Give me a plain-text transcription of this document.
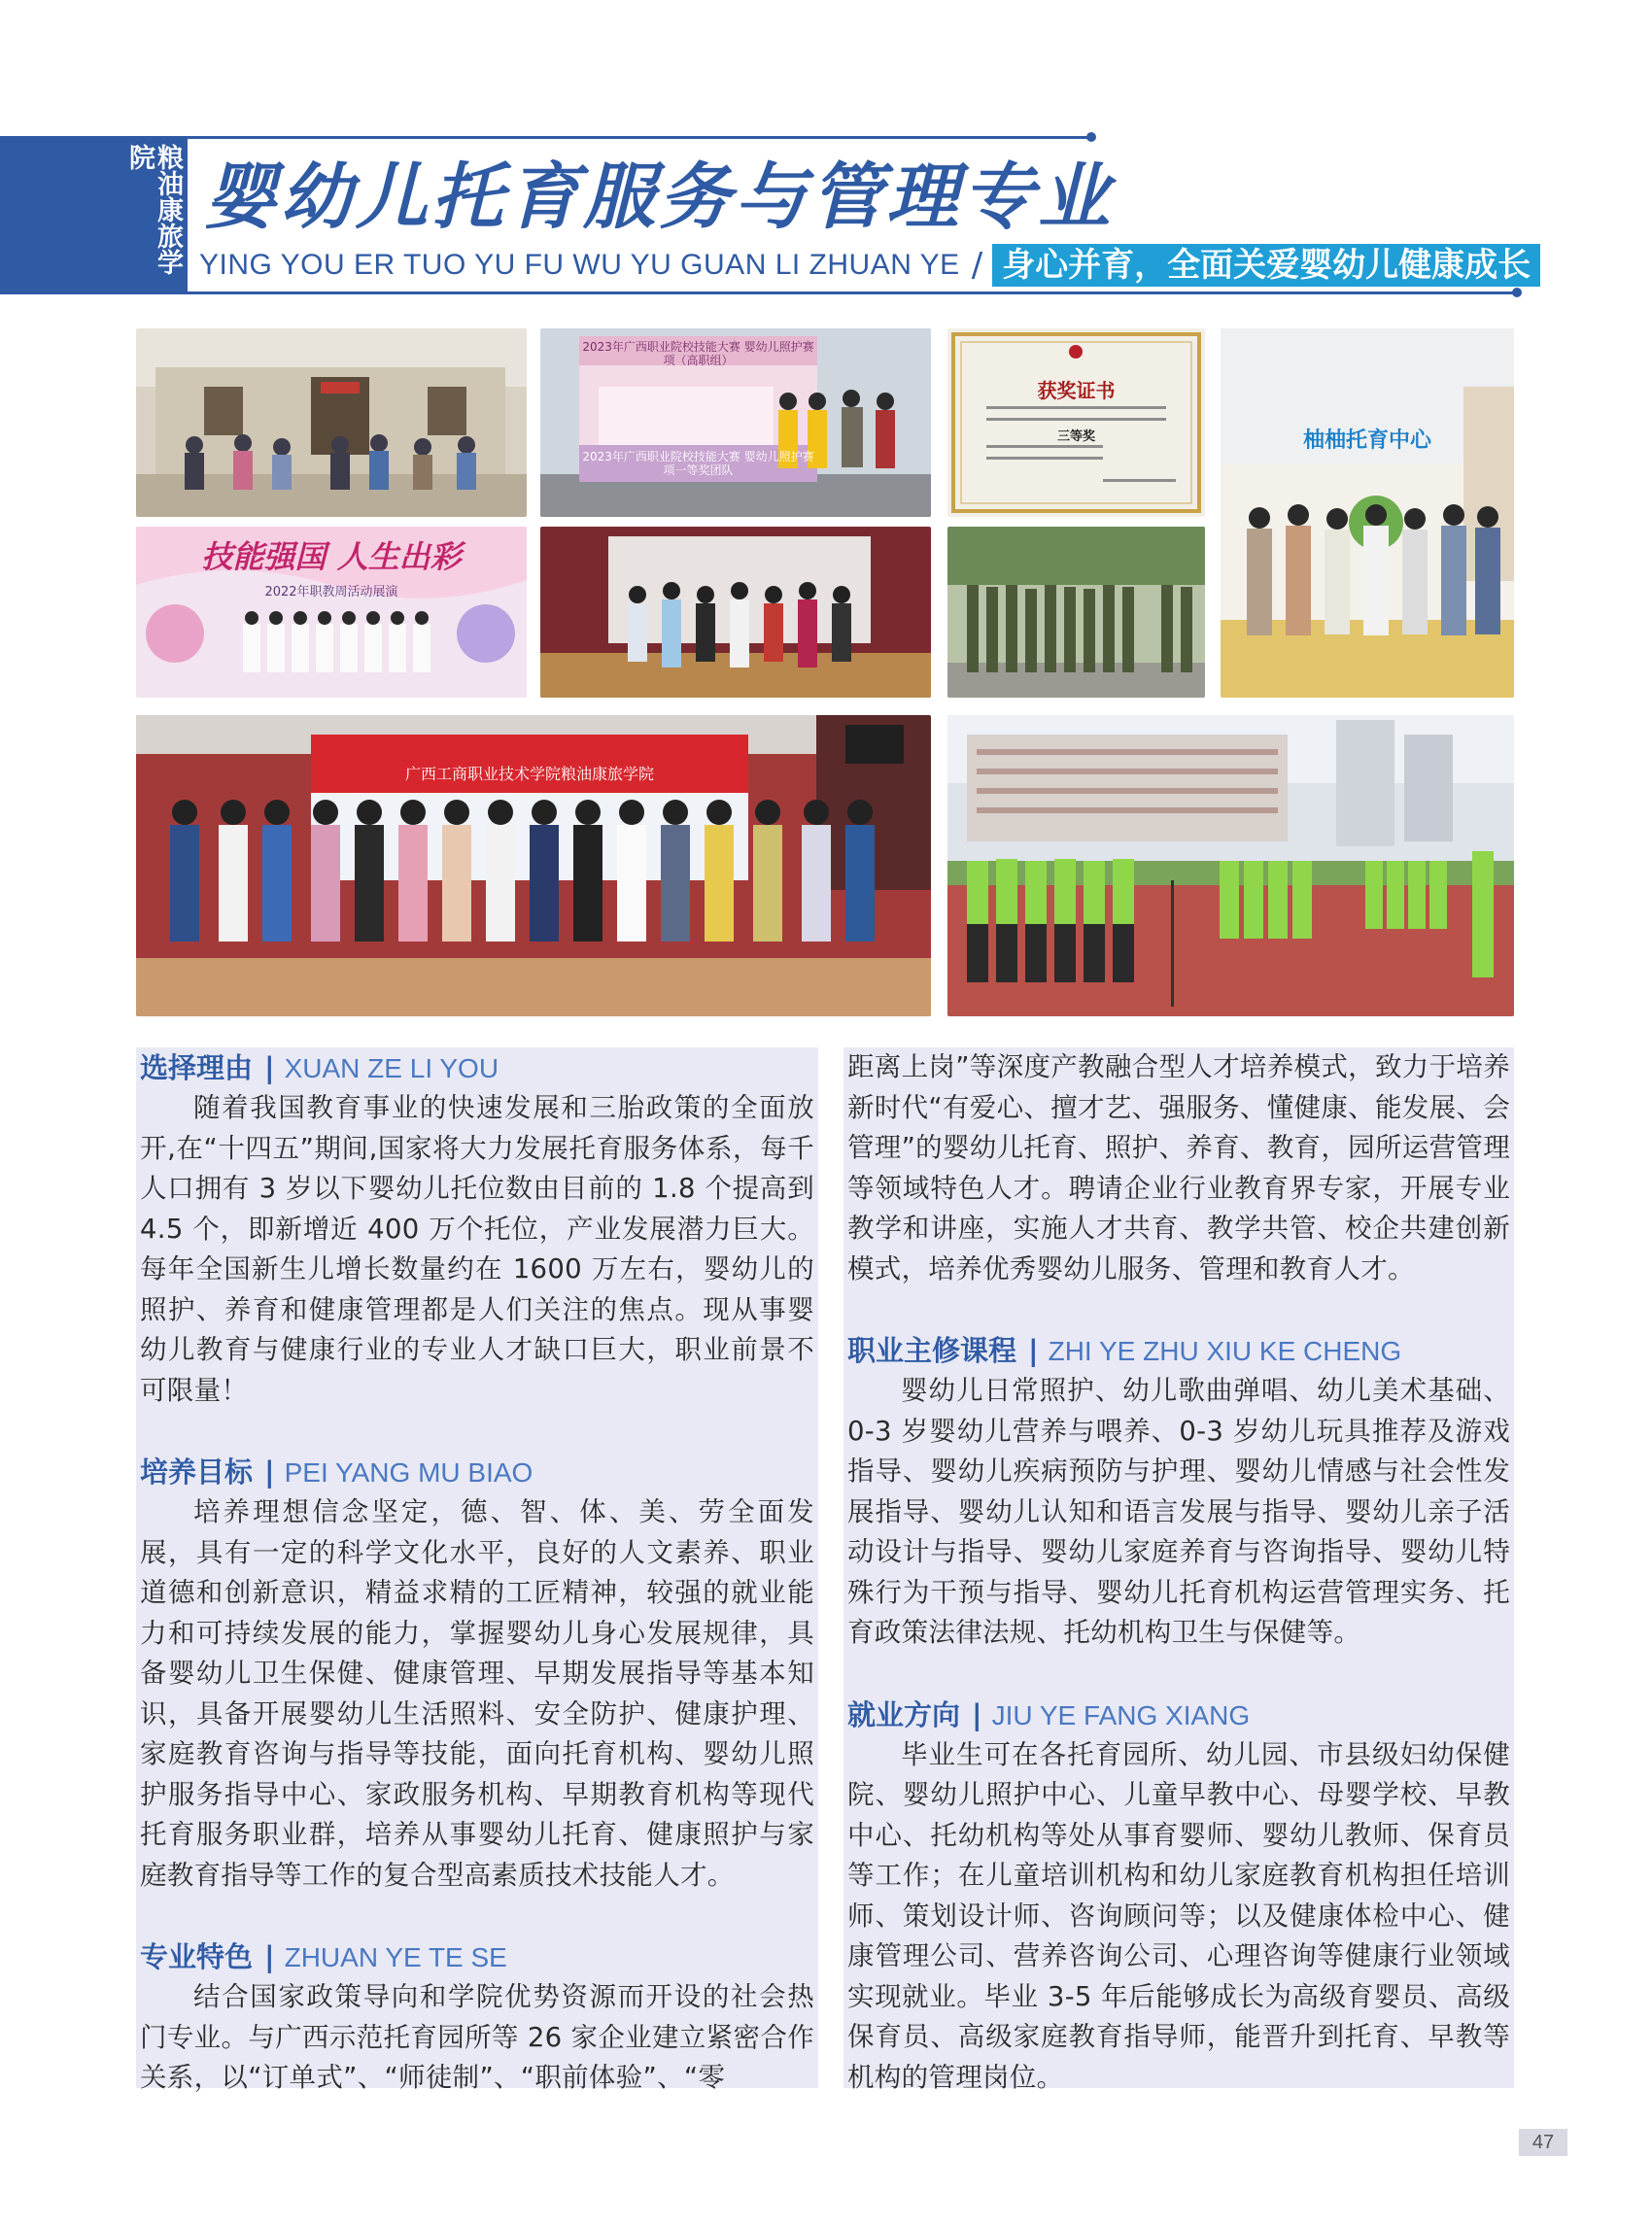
粮油康旅学院 婴幼儿托育服务与管理专业
YING YOU ER TUO YU FU WU YU GUAN LI ZHUAN YE / 身心并育，全面关爱婴幼儿健康成长
2023年广西职业院校技能大赛 婴幼儿照护赛项（高职组）
2023年广西职业院校技能大赛 婴幼儿照护赛项一等奖团队
获奖证书
三等奖	柚柚托育中心
技能强国 人生出彩
2022年职教周活动展演
广西工商职业技术学院粮油康旅学院
选择理由 | XUAN ZE LI YOU

随着我国教育事业的快速发展和三胎政策的全面放开,在“十四五”期间,国家将大力发展托育服务体系，每千人口拥有 3 岁以下婴幼儿托位数由目前的 1.8 个提高到 4.5 个，即新增近 400 万个托位，产业发展潜力巨大。每年全国新生儿增长数量约在 1600 万左右，婴幼儿的照护、养育和健康管理都是人们关注的焦点。现从事婴幼儿教育与健康行业的专业人才缺口巨大，职业前景不可限量！

培养目标 | PEI YANG MU BIAO

培养理想信念坚定，德、智、体、美、劳全面发展，具有一定的科学文化水平，良好的人文素养、职业道德和创新意识，精益求精的工匠精神，较强的就业能力和可持续发展的能力，掌握婴幼儿身心发展规律，具备婴幼儿卫生保健、健康管理、早期发展指导等基本知识，具备开展婴幼儿生活照料、安全防护、健康护理、家庭教育咨询与指导等技能，面向托育机构、婴幼儿照护服务指导中心、家政服务机构、早期教育机构等现代托育服务职业群，培养从事婴幼儿托育、健康照护与家庭教育指导等工作的复合型高素质技术技能人才。

专业特色 | ZHUAN YE TE SE

结合国家政策导向和学院优势资源而开设的社会热门专业。与广西示范托育园所等 26 家企业建立紧密合作关系，以“订单式”、“师徒制”、“职前体验”、“零

距离上岗”等深度产教融合型人才培养模式，致力于培养新时代“有爱心、擅才艺、强服务、懂健康、能发展、会管理”的婴幼儿托育、照护、养育、教育，园所运营管理等领域特色人才。聘请企业行业教育界专家，开展专业教学和讲座，实施人才共育、教学共管、校企共建创新模式，培养优秀婴幼儿服务、管理和教育人才。

职业主修课程 | ZHI YE ZHU XIU KE CHENG

婴幼儿日常照护、幼儿歌曲弹唱、幼儿美术基础、0-3 岁婴幼儿营养与喂养、0-3 岁幼儿玩具推荐及游戏指导、婴幼儿疾病预防与护理、婴幼儿情感与社会性发展指导、婴幼儿认知和语言发展与指导、婴幼儿亲子活动设计与指导、婴幼儿家庭养育与咨询指导、婴幼儿特殊行为干预与指导、婴幼儿托育机构运营管理实务、托育政策法律法规、托幼机构卫生与保健等。

就业方向 | JIU YE FANG XIANG

毕业生可在各托育园所、幼儿园、市县级妇幼保健院、婴幼儿照护中心、儿童早教中心、母婴学校、早教中心、托幼机构等处从事育婴师、婴幼儿教师、保育员等工作；在儿童培训机构和幼儿家庭教育机构担任培训师、策划设计师、咨询顾问等；以及健康体检中心、健康管理公司、营养咨询公司、心理咨询等健康行业领域实现就业。毕业 3-5 年后能够成长为高级育婴员、高级保育员、高级家庭教育指导师，能晋升到托育、早教等机构的管理岗位。

47
